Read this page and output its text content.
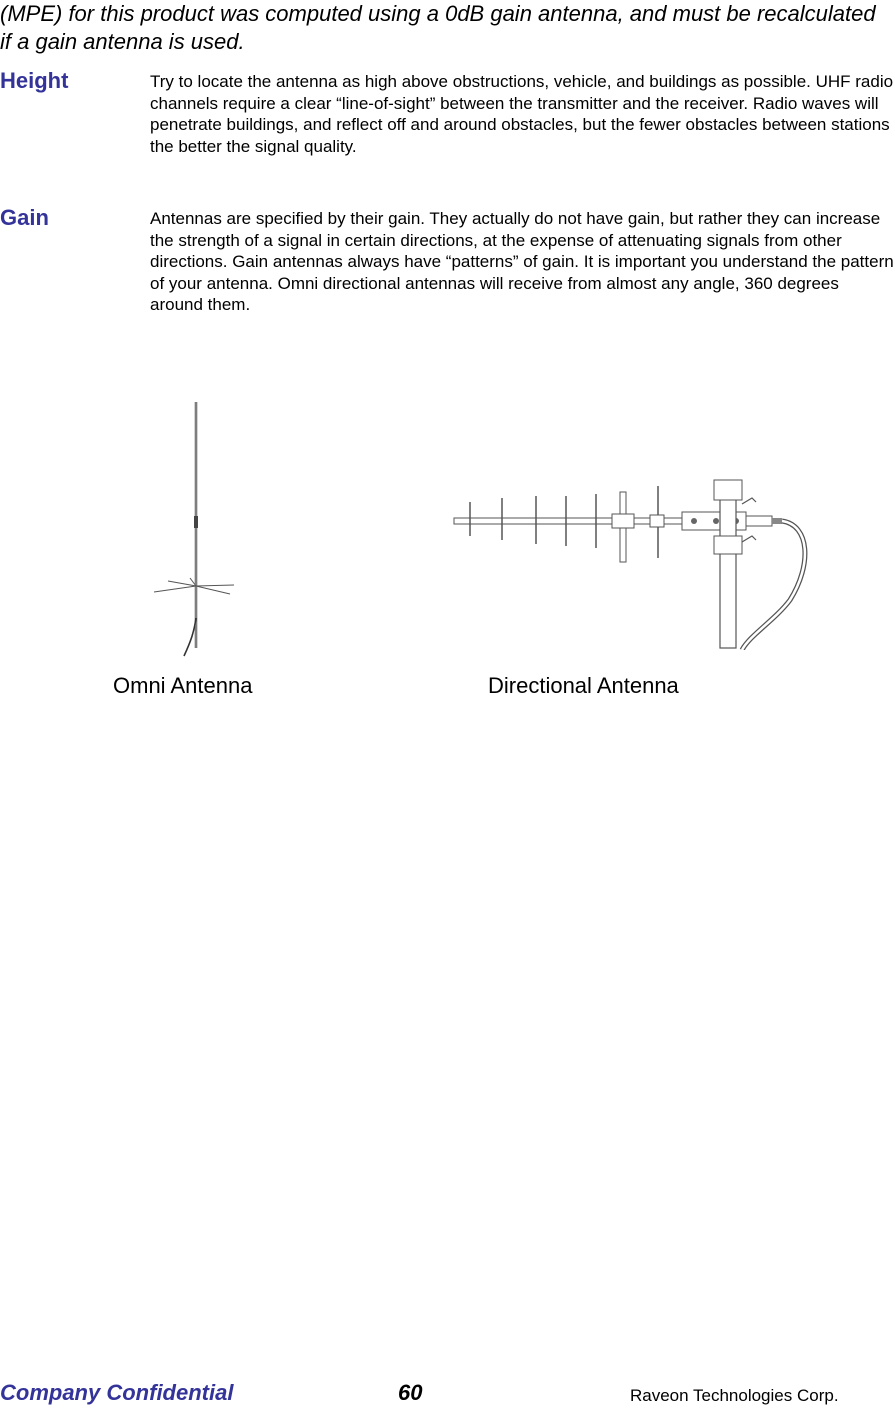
(MPE) for this product was computed using a 0dB gain antenna, and must be recalculated if a gain antenna is used.
Height	Try to locate the antenna as high above obstructions, vehicle, and buildings as possible. UHF radio channels require a clear “line-of-sight” between the transmitter and the receiver. Radio waves will penetrate buildings, and reflect off and around obstacles, but the fewer obstacles between stations the better the signal quality.
Gain	Antennas are specified by their gain. They actually do not have gain, but rather they can increase the strength of a signal in certain directions, at the expense of attenuating signals from other directions. Gain antennas always have “patterns” of gain. It is important you understand the pattern of your antenna. Omni directional antennas will receive from almost any angle, 360 degrees around them.
Omni Antenna	Directional Antenna
Company Confidential	60	Raveon Technologies Corp.
